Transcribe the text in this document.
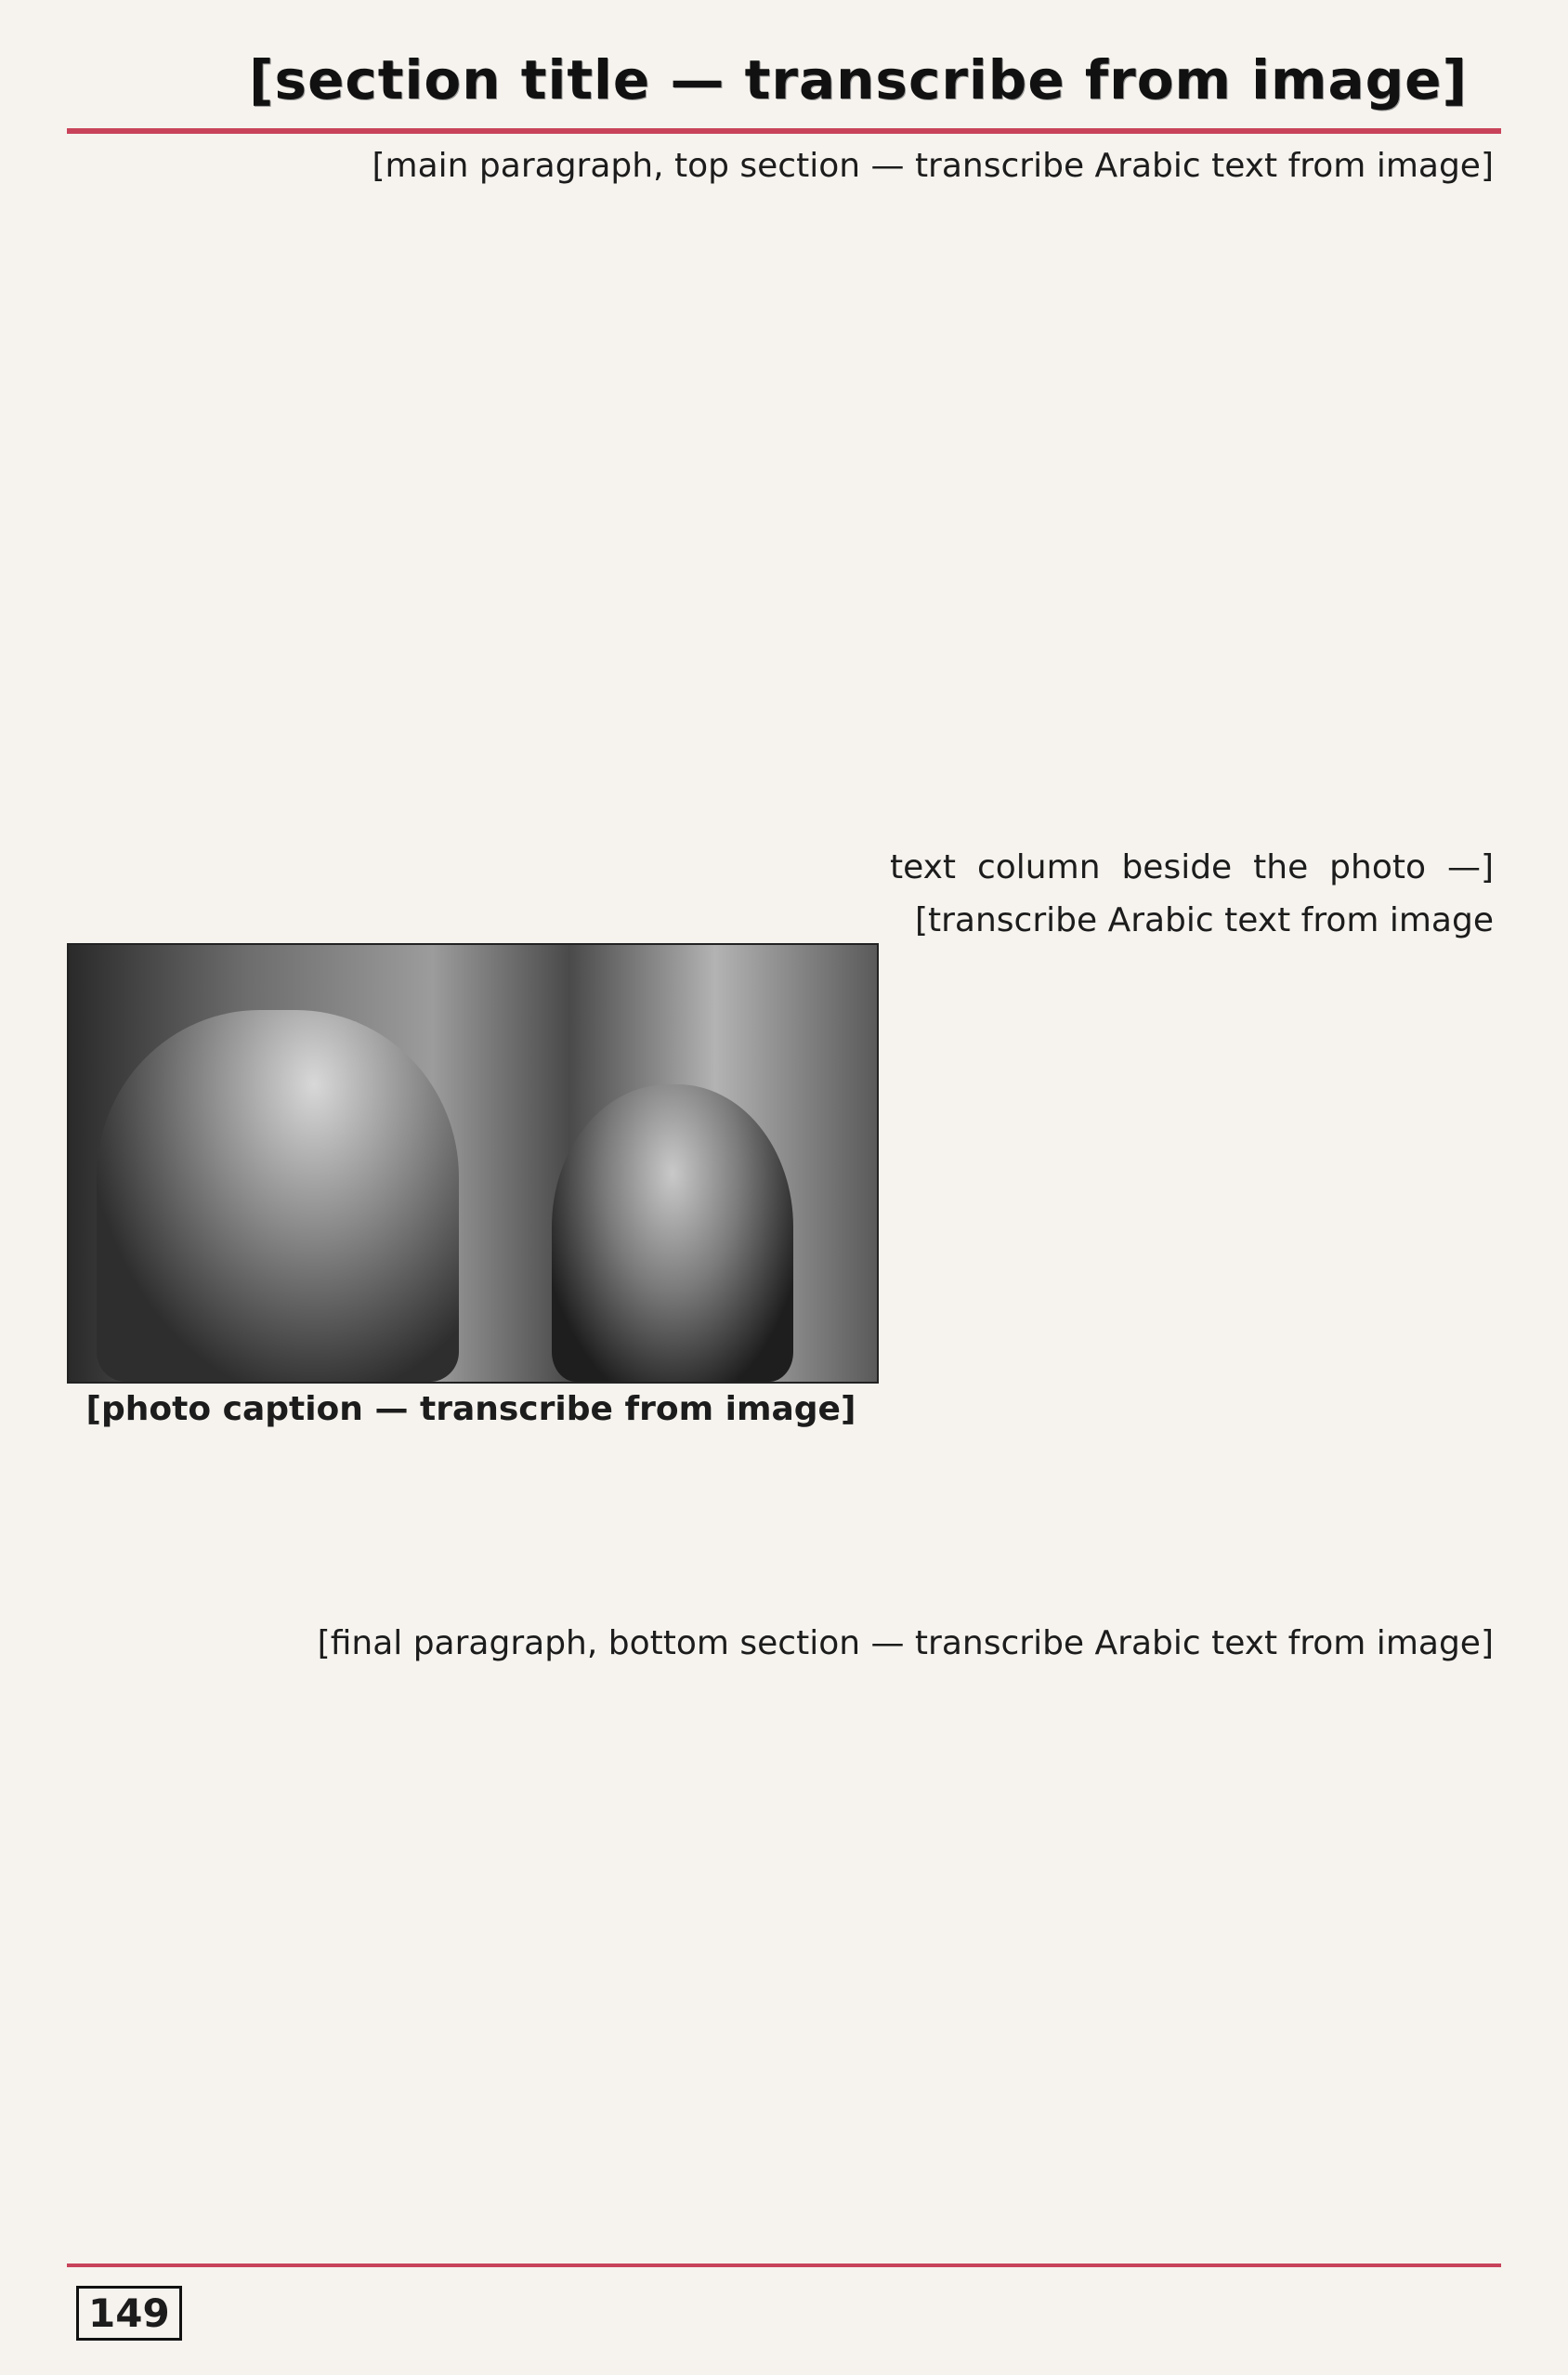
[section title — transcribe from image]
[main paragraph, top section — transcribe Arabic text from image]
[text column beside the photo — transcribe Arabic text from image]
[photo caption — transcribe from image]
[final paragraph, bottom section — transcribe Arabic text from image]
149
